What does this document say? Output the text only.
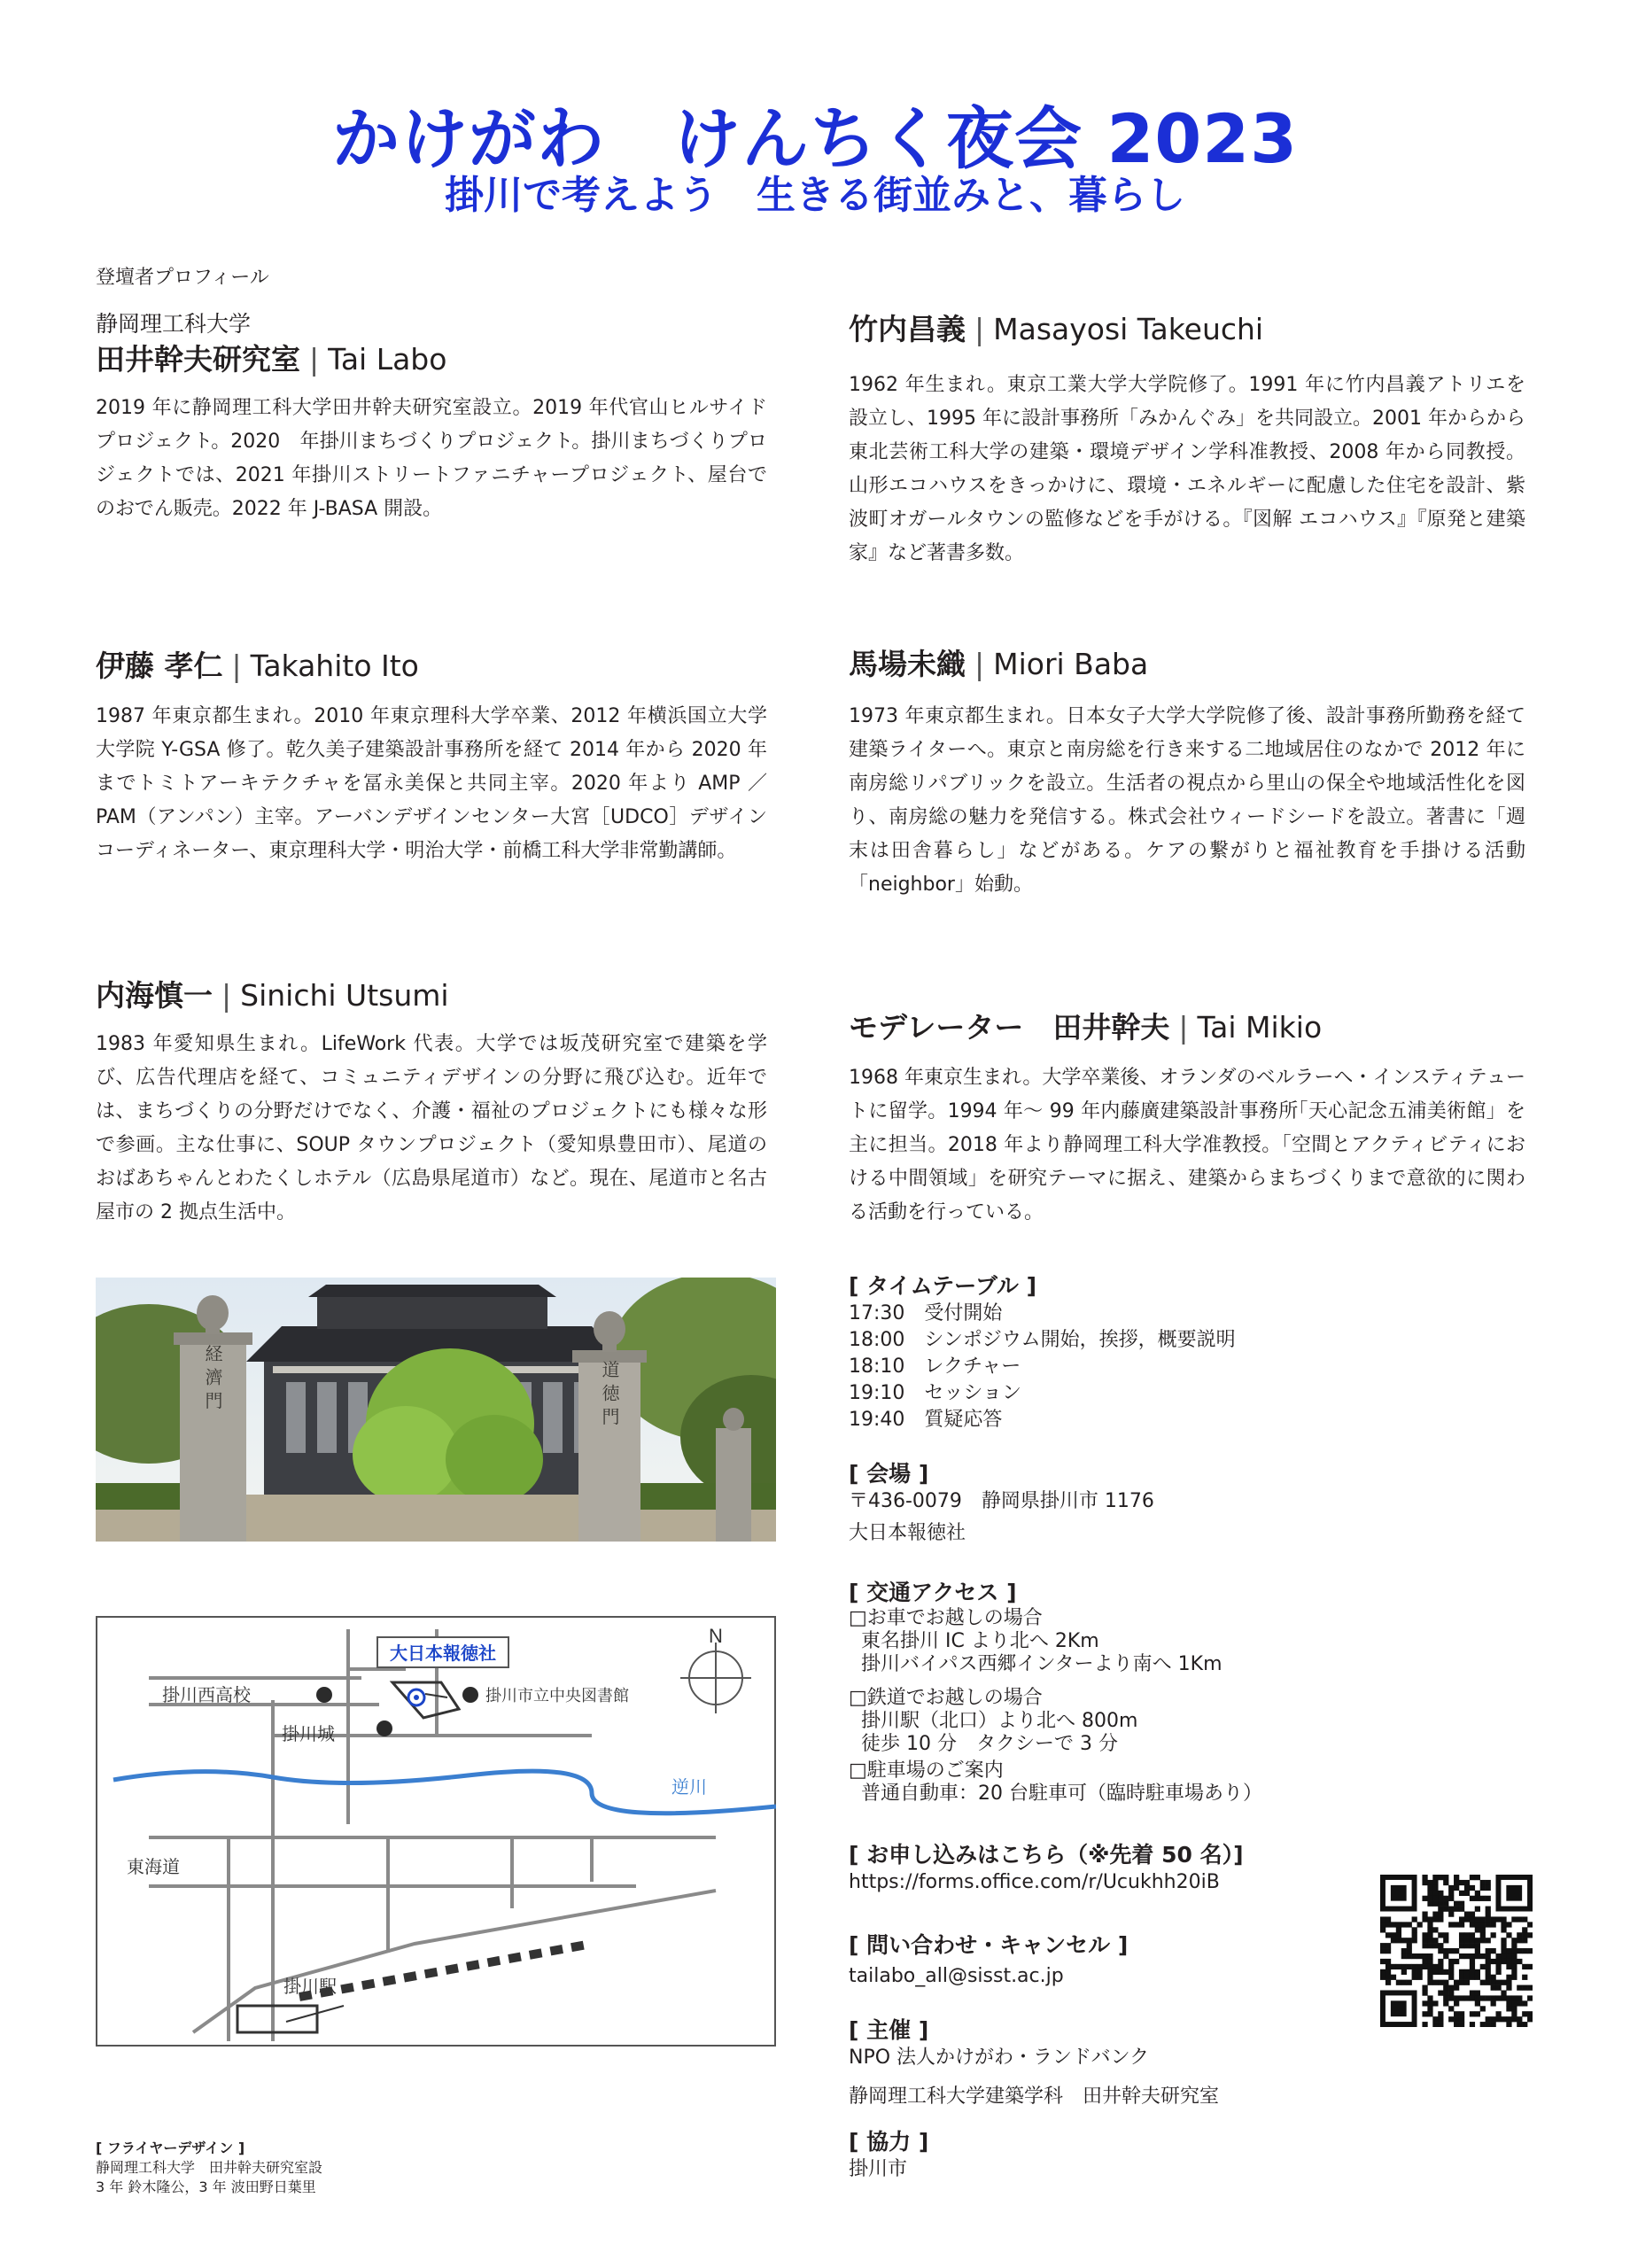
かけがわ　けんちく夜会 2023
掛川で考えよう　生きる街並みと、暮らし
登壇者プロフィール
静岡理工科大学
田井幹夫研究室 | Tai Labo
2019 年に静岡理工科大学田井幹夫研究室設立。2019 年代官山ヒルサイドプロジェクト。2020　年掛川まちづくりプロジェクト。掛川まちづくりプロジェクトでは、2021 年掛川ストリートファニチャープロジェクト、屋台でのおでん販売。2022 年 J-BASA 開設。
竹内昌義 | Masayosi Takeuchi
1962 年生まれ。東京工業大学大学院修了。1991 年に竹内昌義アトリエを設立し、1995 年に設計事務所「みかんぐみ」を共同設立。2001 年からから東北芸術工科大学の建築・環境デザイン学科准教授、2008 年から同教授。山形エコハウスをきっかけに、環境・エネルギーに配慮した住宅を設計、紫波町オガールタウンの監修などを手がける。『図解 エコハウス』『原発と建築家』など著書多数。
伊藤 孝仁 | Takahito Ito
1987 年東京都生まれ。2010 年東京理科大学卒業、2012 年横浜国立大学大学院 Y-GSA 修了。乾久美子建築設計事務所を経て 2014 年から 2020 年までトミトアーキテクチャを冨永美保と共同主宰。2020 年より AMP ／ PAM（アンパン）主宰。アーバンデザインセンター大宮［UDCO］デザインコーディネーター、東京理科大学・明治大学・前橋工科大学非常勤講師。
馬場未織 | Miori Baba
1973 年東京都生まれ。日本女子大学大学院修了後、設計事務所勤務を経て建築ライターへ。東京と南房総を行き来する二地域居住のなかで 2012 年に南房総リパブリックを設立。生活者の視点から里山の保全や地域活性化を図り、南房総の魅力を発信する。株式会社ウィードシードを設立。著書に「週末は田舎暮らし」などがある。ケアの繋がりと福祉教育を手掛ける活動「neighbor」始動。
内海慎一 | Sinichi Utsumi
1983 年愛知県生まれ。LifeWork 代表。大学では坂茂研究室で建築を学び、広告代理店を経て、コミュニティデザインの分野に飛び込む。近年では、まちづくりの分野だけでなく、介護・福祉のプロジェクトにも様々な形で参画。主な仕事に、SOUP タウンプロジェクト（愛知県豊田市）、尾道のおばあちゃんとわたくしホテル（広島県尾道市）など。現在、尾道市と名古屋市の 2 拠点生活中。
モデレーター　田井幹夫 | Tai Mikio
1968 年東京生まれ。大学卒業後、オランダのベルラーヘ・インスティテュートに留学。1994 年～ 99 年内藤廣建築設計事務所｢天心記念五浦美術館」を主に担当。2018 年より静岡理工科大学准教授。「空間とアクティビティにおける中間領域」を研究テーマに据え、建築からまちづくりまで意欲的に関わる活動を行っている。
経 濟 門	道 徳 門
大日本報徳社
N
掛川西高校
掛川城
掛川市立中央図書館
逆川
東海道
掛川駅
[ タイムテーブル ]
17:30　受付開始
18:00　シンポジウム開始，挨拶，概要説明
18:10　レクチャー
19:10　セッション
19:40　質疑応答
[ 会場 ]
〒436-0079　静岡県掛川市 1176
大日本報徳社
[ 交通アクセス ]
□お車でお越しの場合
東名掛川 IC より北へ 2Km
掛川バイパス西郷インターより南へ 1Km
□鉄道でお越しの場合
掛川駅（北口）より北へ 800m
徒歩 10 分　タクシーで 3 分
□駐車場のご案内
普通自動車：20 台駐車可（臨時駐車場あり）
[ お申し込みはこちら（※先着 50 名）]
https://forms.office.com/r/Ucukhh20iB
[ 問い合わせ・キャンセル ]
tailabo_all@sisst.ac.jp
[ 主催 ]
NPO 法人かけがわ・ランドバンク
静岡理工科大学建築学科　田井幹夫研究室
[ 協力 ]
掛川市
[ フライヤーデザイン ]
静岡理工科大学　田井幹夫研究室設
3 年 鈴木隆公，3 年 波田野日葉里
